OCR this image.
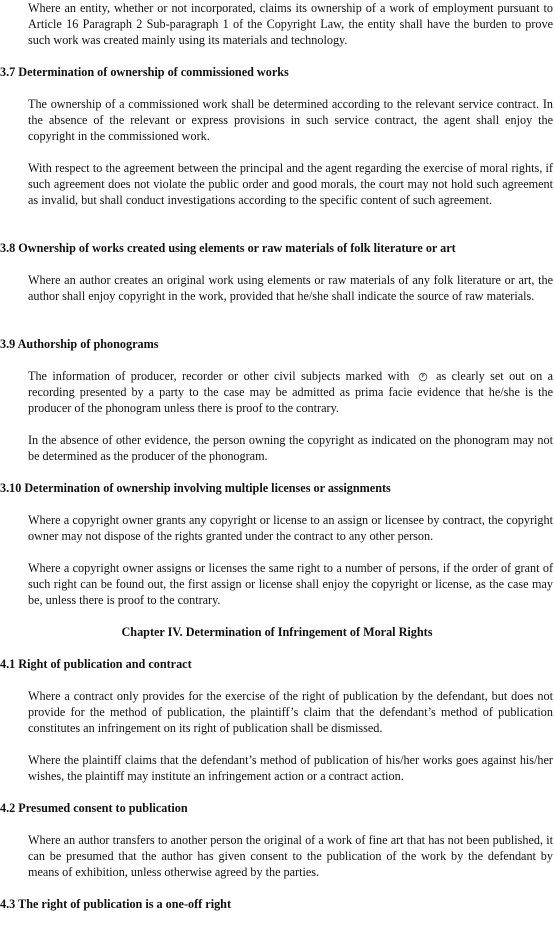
Where an entity, whether or not incorporated, claims its ownership of a work of employment pursuant to Article 16 Paragraph 2 Sub-paragraph 1 of the Copyright Law, the entity shall have the burden to prove such work was created mainly using its materials and technology.

3.7 Determination of ownership of commissioned works

The ownership of a commissioned work shall be determined according to the relevant service contract. In the absence of the relevant or express provisions in such service contract, the agent shall enjoy the copyright in the commissioned work.

With respect to the agreement between the principal and the agent regarding the exercise of moral rights, if such agreement does not violate the public order and good morals, the court may not hold such agreement as invalid, but shall conduct investigations according to the specific content of such agreement.

3.8 Ownership of works created using elements or raw materials of folk literature or art

Where an author creates an original work using elements or raw materials of any folk literature or art, the author shall enjoy copyright in the work, provided that he/she shall indicate the source of raw materials.

3.9 Authorship of phonograms

The information of producer, recorder or other civil subjects marked with P as clearly set out on a recording presented by a party to the case may be admitted as prima facie evidence that he/she is the producer of the phonogram unless there is proof to the contrary.

In the absence of other evidence, the person owning the copyright as indicated on the phonogram may not be determined as the producer of the phonogram.

3.10 Determination of ownership involving multiple licenses or assignments

Where a copyright owner grants any copyright or license to an assign or licensee by contract, the copyright owner may not dispose of the rights granted under the contract to any other person.

Where a copyright owner assigns or licenses the same right to a number of persons, if the order of grant of such right can be found out, the first assign or license shall enjoy the copyright or license, as the case may be, unless there is proof to the contrary.

Chapter IV. Determination of Infringement of Moral Rights

4.1 Right of publication and contract

Where a contract only provides for the exercise of the right of publication by the defendant, but does not provide for the method of publication, the plaintiff’s claim that the defendant’s method of publication constitutes an infringement on its right of publication shall be dismissed.

Where the plaintiff claims that the defendant’s method of publication of his/her works goes against his/her wishes, the plaintiff may institute an infringement action or a contract action.

4.2 Presumed consent to publication

Where an author transfers to another person the original of a work of fine art that has not been published, it can be presumed that the author has given consent to the publication of the work by the defendant by means of exhibition, unless otherwise agreed by the parties.

4.3 The right of publication is a one-off right
